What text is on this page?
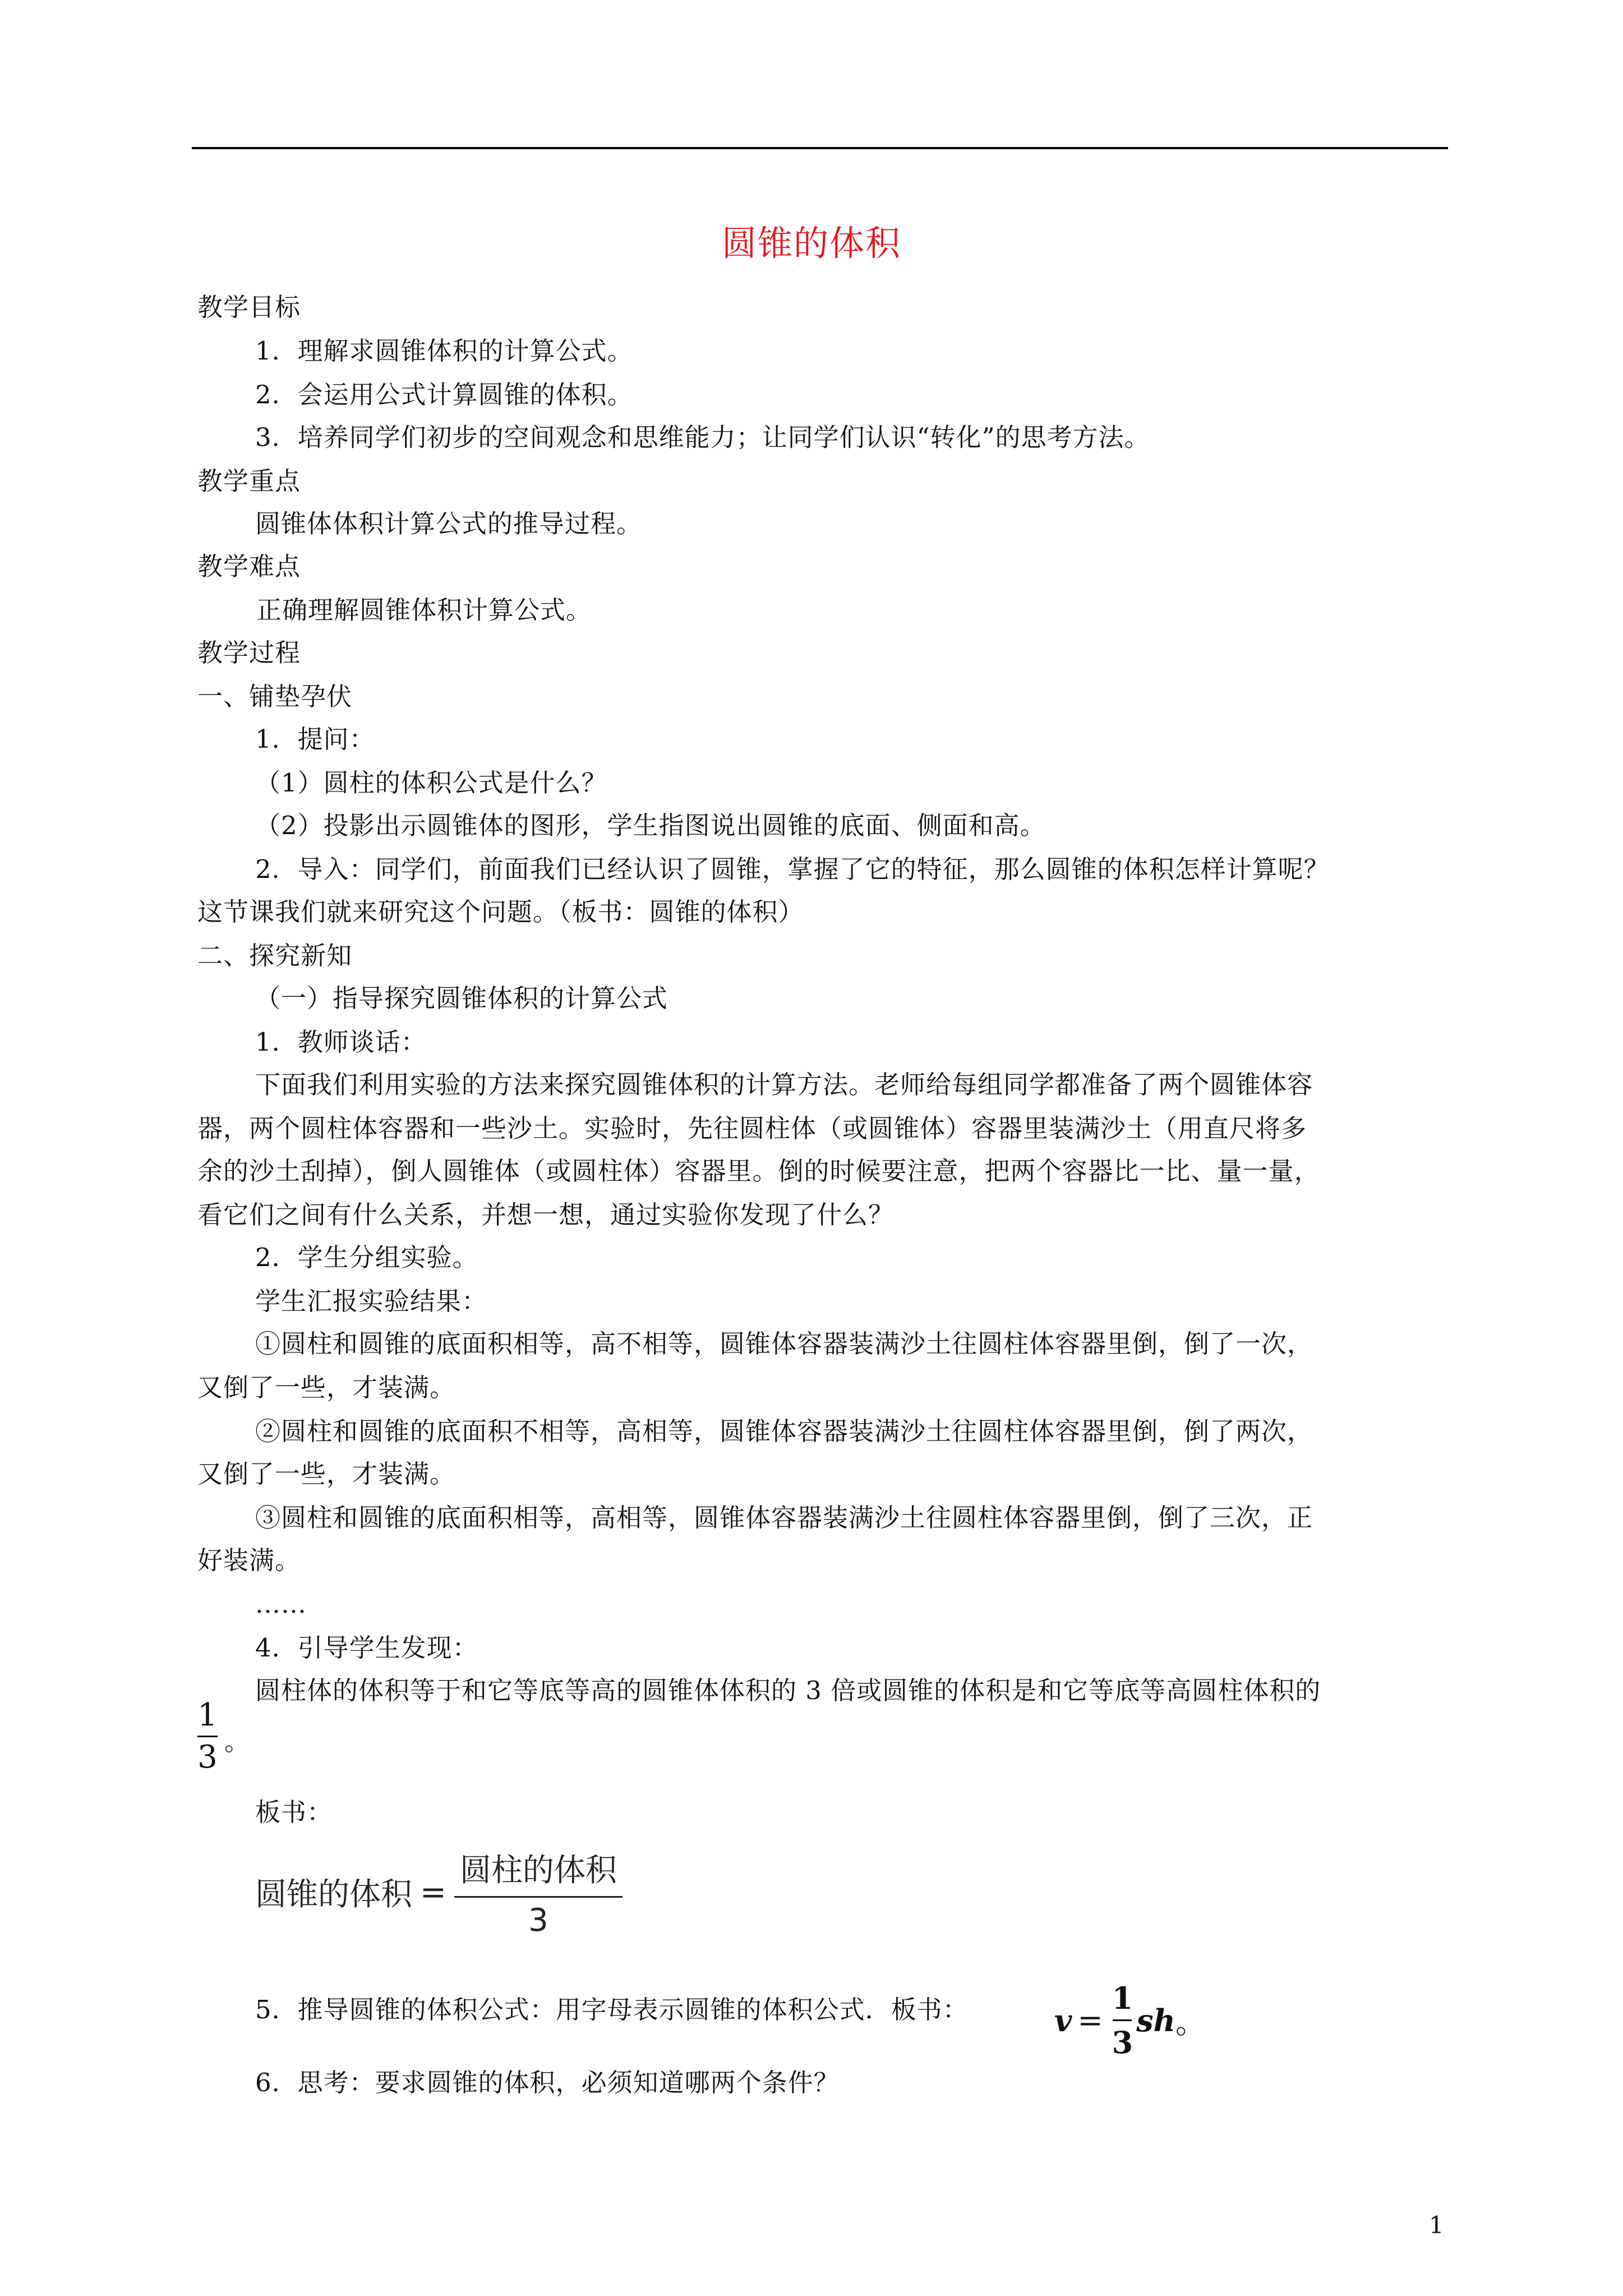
圆锥的体积
教学目标
1．理解求圆锥体积的计算公式。
2．会运用公式计算圆锥的体积。
3．培养同学们初步的空间观念和思维能力；让同学们认识“转化”的思考方法。
教学重点
圆锥体体积计算公式的推导过程。
教学难点
正确理解圆锥体积计算公式。
教学过程
一、铺垫孕伏
1．提问：
（1）圆柱的体积公式是什么？
（2）投影出示圆锥体的图形，学生指图说出圆锥的底面、侧面和高。
2．导入：同学们，前面我们已经认识了圆锥，掌握了它的特征，那么圆锥的体积怎样计算呢？
这节课我们就来研究这个问题。（板书：圆锥的体积）
二、探究新知
（一）指导探究圆锥体积的计算公式
1．教师谈话：
下面我们利用实验的方法来探究圆锥体积的计算方法。老师给每组同学都准备了两个圆锥体容
器，两个圆柱体容器和一些沙土。实验时，先往圆柱体（或圆锥体）容器里装满沙土（用直尺将多
余的沙土刮掉），倒人圆锥体（或圆柱体）容器里。倒的时候要注意，把两个容器比一比、量一量，
看它们之间有什么关系，并想一想，通过实验你发现了什么？
2．学生分组实验。
学生汇报实验结果：
①圆柱和圆锥的底面积相等，高不相等，圆锥体容器装满沙土往圆柱体容器里倒，倒了一次，
又倒了一些，才装满。
②圆柱和圆锥的底面积不相等，高相等，圆锥体容器装满沙土往圆柱体容器里倒，倒了两次，
又倒了一些，才装满。
③圆柱和圆锥的底面积相等，高相等，圆锥体容器装满沙土往圆柱体容器里倒，倒了三次，正
好装满。
……
4．引导学生发现：
圆柱体的体积等于和它等底等高的圆锥体体积的 3 倍或圆锥的体积是和它等底等高圆柱体积的
板书：
5．推导圆锥的体积公式：用字母表示圆锥的体积公式．板书：
6．思考：要求圆锥的体积，必须知道哪两个条件？
1
3 。
圆锥的体积 =
圆柱的体积
3
v =
1
3
sh 。
1
